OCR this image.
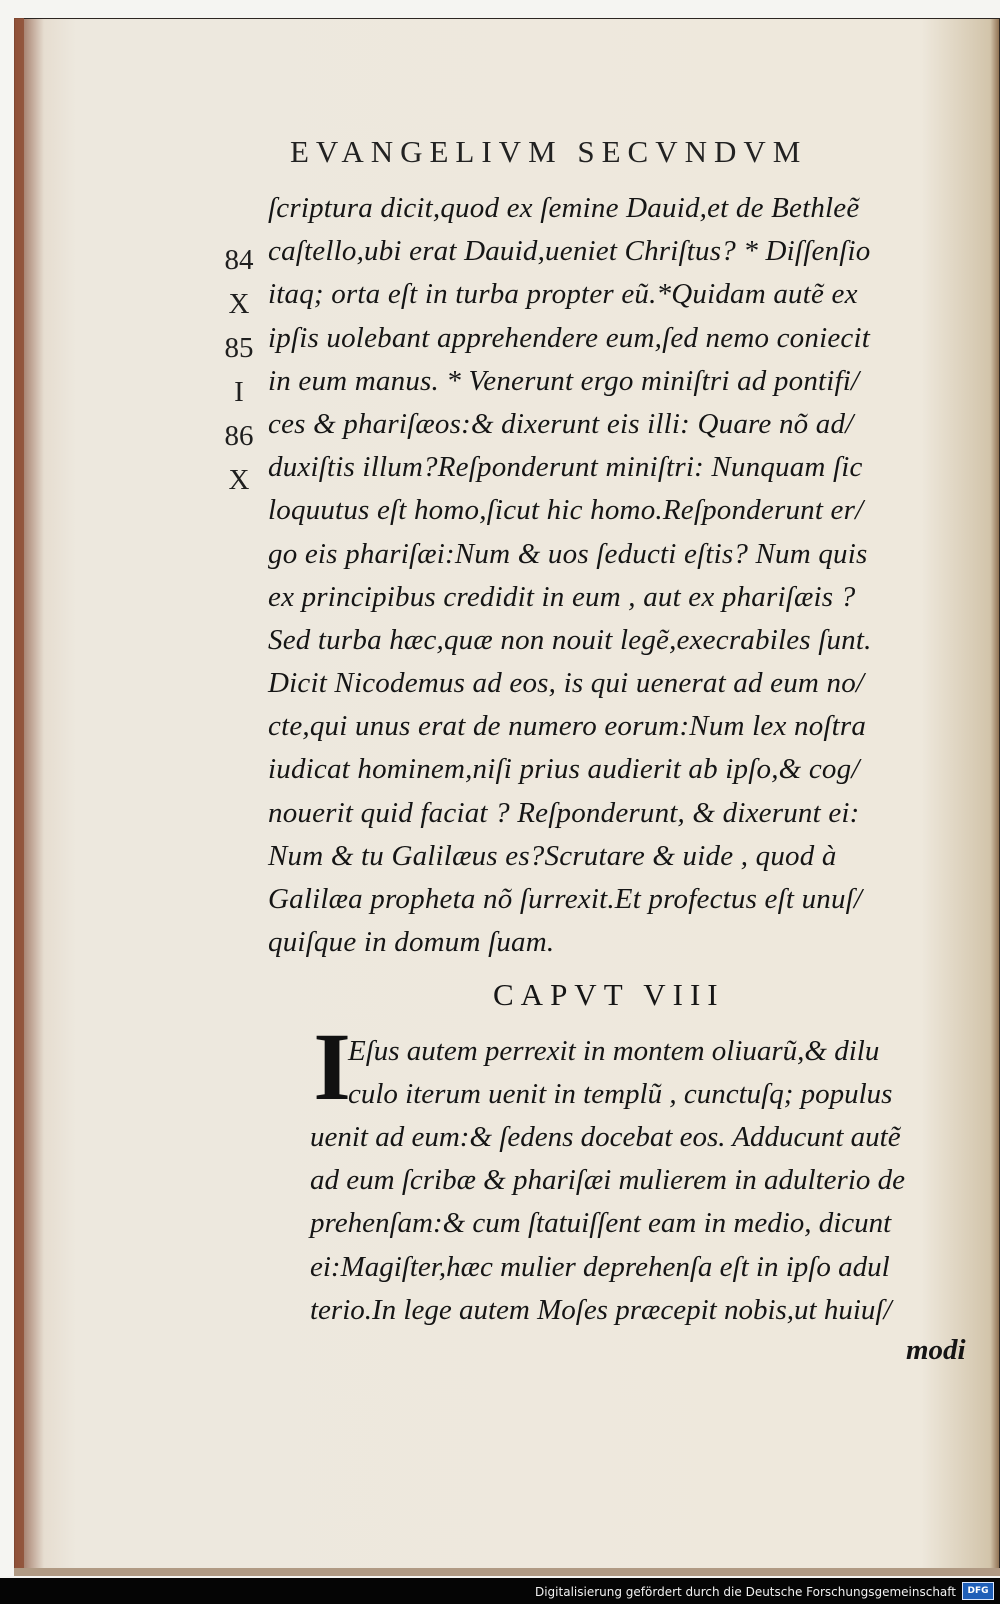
EVANGELIVM SECVNDVM
84
X
85
I
86
X
ſcriptura dicit,quod ex ſemine Dauid,et de Bethleẽ
caſtello,ubi erat Dauid,ueniet Chriſtus? * Diſſenſio
itaq; orta eſt in turba propter eũ.*Quidam autẽ ex
ipſis uolebant apprehendere eum,ſed nemo coniecit
in eum manus. * Venerunt ergo miniſtri ad pontifi/
ces & phariſæos:& dixerunt eis illi: Quare nõ ad/
duxiſtis illum?Reſponderunt miniſtri: Nunquam ſic
loquutus eſt homo,ſicut hic homo.Reſponderunt er/
go eis phariſæi:Num & uos ſeducti eſtis? Num quis
ex principibus credidit in eum , aut ex phariſæis ?
Sed turba hæc,quæ non nouit legẽ,execrabiles ſunt.
Dicit Nicodemus ad eos, is qui uenerat ad eum no/
cte,qui unus erat de numero eorum:Num lex noſtra
iudicat hominem,niſi prius audierit ab ipſo,& cog/
nouerit quid faciat ? Reſponderunt, & dixerunt ei:
Num & tu Galilæus es?Scrutare & uide , quod à
Galilæa propheta nõ ſurrexit.Et profectus eſt unuſ/
quiſque in domum ſuam.
CAPVT VIII
I
Eſus autem perrexit in montem oliuarũ,& dilu
culo iterum uenit in templũ , cunctuſq; populus
uenit ad eum:& ſedens docebat eos. Adducunt autẽ
ad eum ſcribæ & phariſæi mulierem in adulterio de
prehenſam:& cum ſtatuiſſent eam in medio, dicunt
ei:Magiſter,hæc mulier deprehenſa eſt in ipſo adul
terio.In lege autem Moſes præcepit nobis,ut huiuſ/
modi
Digitalisierung gefördert durch die Deutsche Forschungsgemeinschaft	DFG
